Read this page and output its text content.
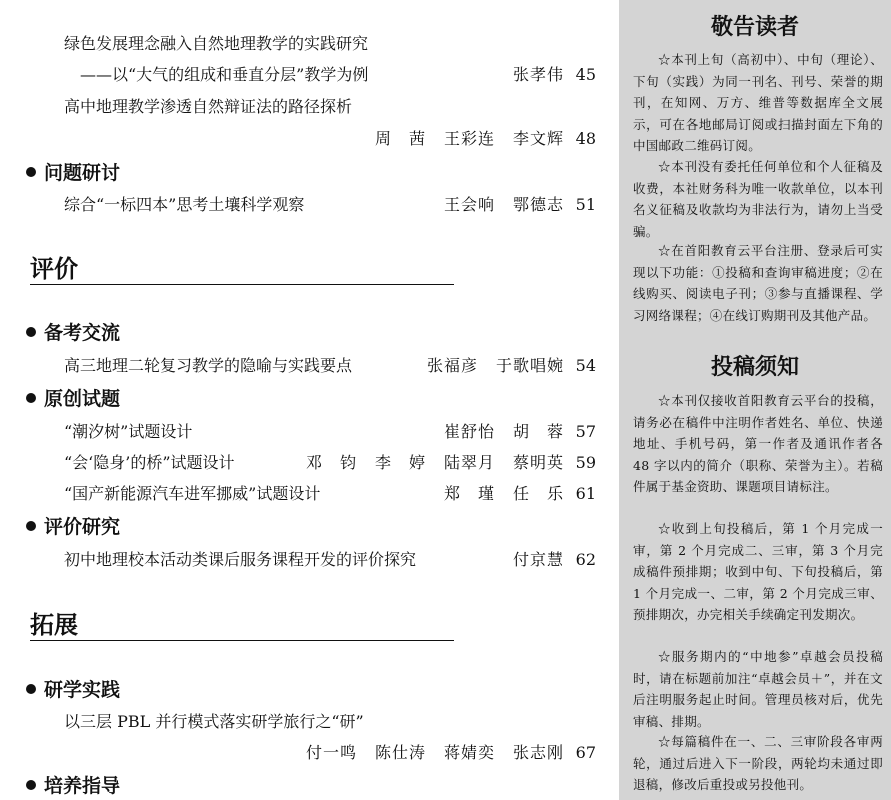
绿色发展理念融入自然地理教学的实践研究
——以“大气的组成和垂直分层”教学为例	张孝伟 45
高中地理教学渗透自然辩证法的路径探析
周　茜 王彩连 李文辉 48
问题研讨
综合“一标四本”思考土壤科学观察	王会响 鄂德志 51
评价
备考交流
高三地理二轮复习教学的隐喻与实践要点	张福彦 于歌唱婉 54
原创试题
“潮汐树”试题设计	崔舒怡 胡　蓉 57
“会‘隐身’的桥”试题设计	邓　钧 李　婷 陆翠月 蔡明英 59
“国产新能源汽车进军挪威”试题设计	郑　瑾 任　乐 61
评价研究
初中地理校本活动类课后服务课程开发的评价探究	付京慧 62
拓展
研学实践
以三层 PBL 并行模式落实研学旅行之“研”
付一鸣 陈仕涛 蒋婧奕 张志刚 67
培养指导
敬告读者

☆本刊上旬（高初中）、中旬（理论）、下旬（实践）为同一刊名、刊号、荣誉的期刊，在知网、万方、维普等数据库全文展示，可在各地邮局订阅或扫描封面左下角的中国邮政二维码订阅。

☆本刊没有委托任何单位和个人征稿及收费，本社财务科为唯一收款单位，以本刊名义征稿及收款均为非法行为，请勿上当受骗。

☆在首阳教育云平台注册、登录后可实现以下功能：①投稿和查询审稿进度；②在线购买、阅读电子刊；③参与直播课程、学习网络课程；④在线订购期刊及其他产品。

投稿须知

☆本刊仅接收首阳教育云平台的投稿，请务必在稿件中注明作者姓名、单位、快递地址、手机号码，第一作者及通讯作者各 48 字以内的简介（职称、荣誉为主）。若稿件属于基金资助、课题项目请标注。

☆收到上旬投稿后，第 1 个月完成一审，第 2 个月完成二、三审，第 3 个月完成稿件预排期；收到中旬、下旬投稿后，第 1 个月完成一、二审，第 2 个月完成三审、预排期次，办完相关手续确定刊发期次。

☆服务期内的“中地参”卓越会员投稿时，请在标题前加注“卓越会员＋”，并在文后注明服务起止时间。管理员核对后，优先审稿、排期。

☆每篇稿件在一、二、三审阶段各审两轮，通过后进入下一阶段，两轮均未通过即退稿，修改后重投或另投他刊。
